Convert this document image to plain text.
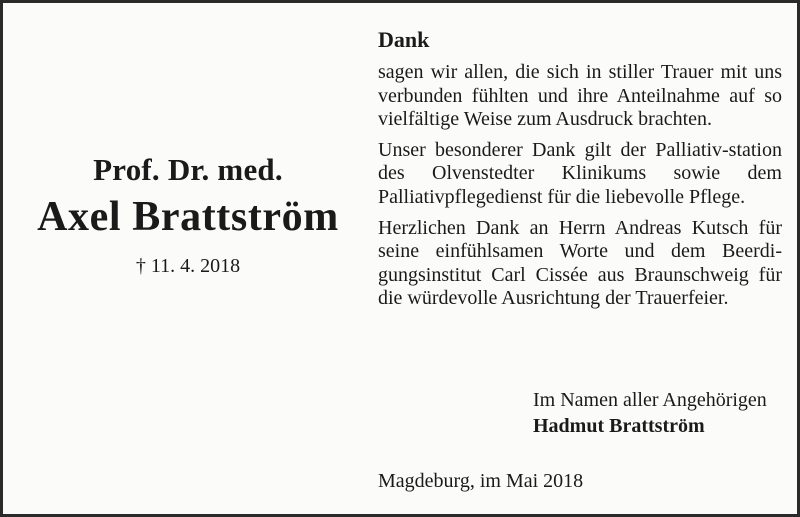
Prof. Dr. med.
Axel Brattström
† 11. 4. 2018
Dank
sagen wir allen, die sich in stiller Trauer mit uns verbunden fühlten und ihre Anteilnahme auf so vielfältige Weise zum Ausdruck brachten.
Unser besonderer Dank gilt der Palliativ-station des Olvenstedter Klinikums sowie dem Palliativpflegedienst für die liebevolle Pflege.
Herzlichen Dank an Herrn Andreas Kutsch für seine einfühlsamen Worte und dem Beerdi-gungsinstitut Carl Cissée aus Braunschweig für die würdevolle Ausrichtung der Trauerfeier.
Im Namen aller Angehörigen
Hadmut Brattström
Magdeburg, im Mai 2018
